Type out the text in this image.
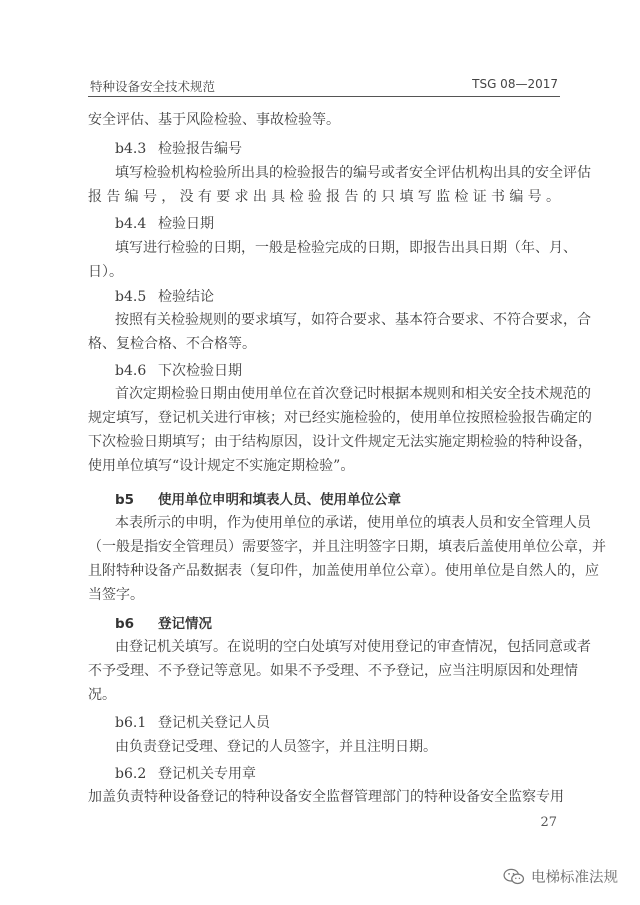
特种设备安全技术规范	TSG 08—2017
安全评估、基于风险检验、事故检验等。
b4.3 检验报告编号
填写检验机构检验所出具的检验报告的编号或者安全评估机构出具的安全评估
报告编号，没有要求出具检验报告的只填写监检证书编号。
b4.4 检验日期
填写进行检验的日期，一般是检验完成的日期，即报告出具日期（年、月、
日）。
b4.5 检验结论
按照有关检验规则的要求填写，如符合要求、基本符合要求、不符合要求，合
格、复检合格、不合格等。
b4.6 下次检验日期
首次定期检验日期由使用单位在首次登记时根据本规则和相关安全技术规范的
规定填写，登记机关进行审核；对已经实施检验的，使用单位按照检验报告确定的
下次检验日期填写；由于结构原因，设计文件规定无法实施定期检验的特种设备，
使用单位填写“设计规定不实施定期检验”。
b5 使用单位申明和填表人员、使用单位公章
本表所示的申明，作为使用单位的承诺，使用单位的填表人员和安全管理人员
（一般是指安全管理员）需要签字，并且注明签字日期，填表后盖使用单位公章，并
且附特种设备产品数据表（复印件，加盖使用单位公章）。使用单位是自然人的，应
当签字。
b6 登记情况
由登记机关填写。在说明的空白处填写对使用登记的审查情况，包括同意或者
不予受理、不予登记等意见。如果不予受理、不予登记，应当注明原因和处理情
况。
b6.1 登记机关登记人员
由负责登记受理、登记的人员签字，并且注明日期。
b6.2 登记机关专用章
加盖负责特种设备登记的特种设备安全监督管理部门的特种设备安全监察专用
27
电梯标准法规
